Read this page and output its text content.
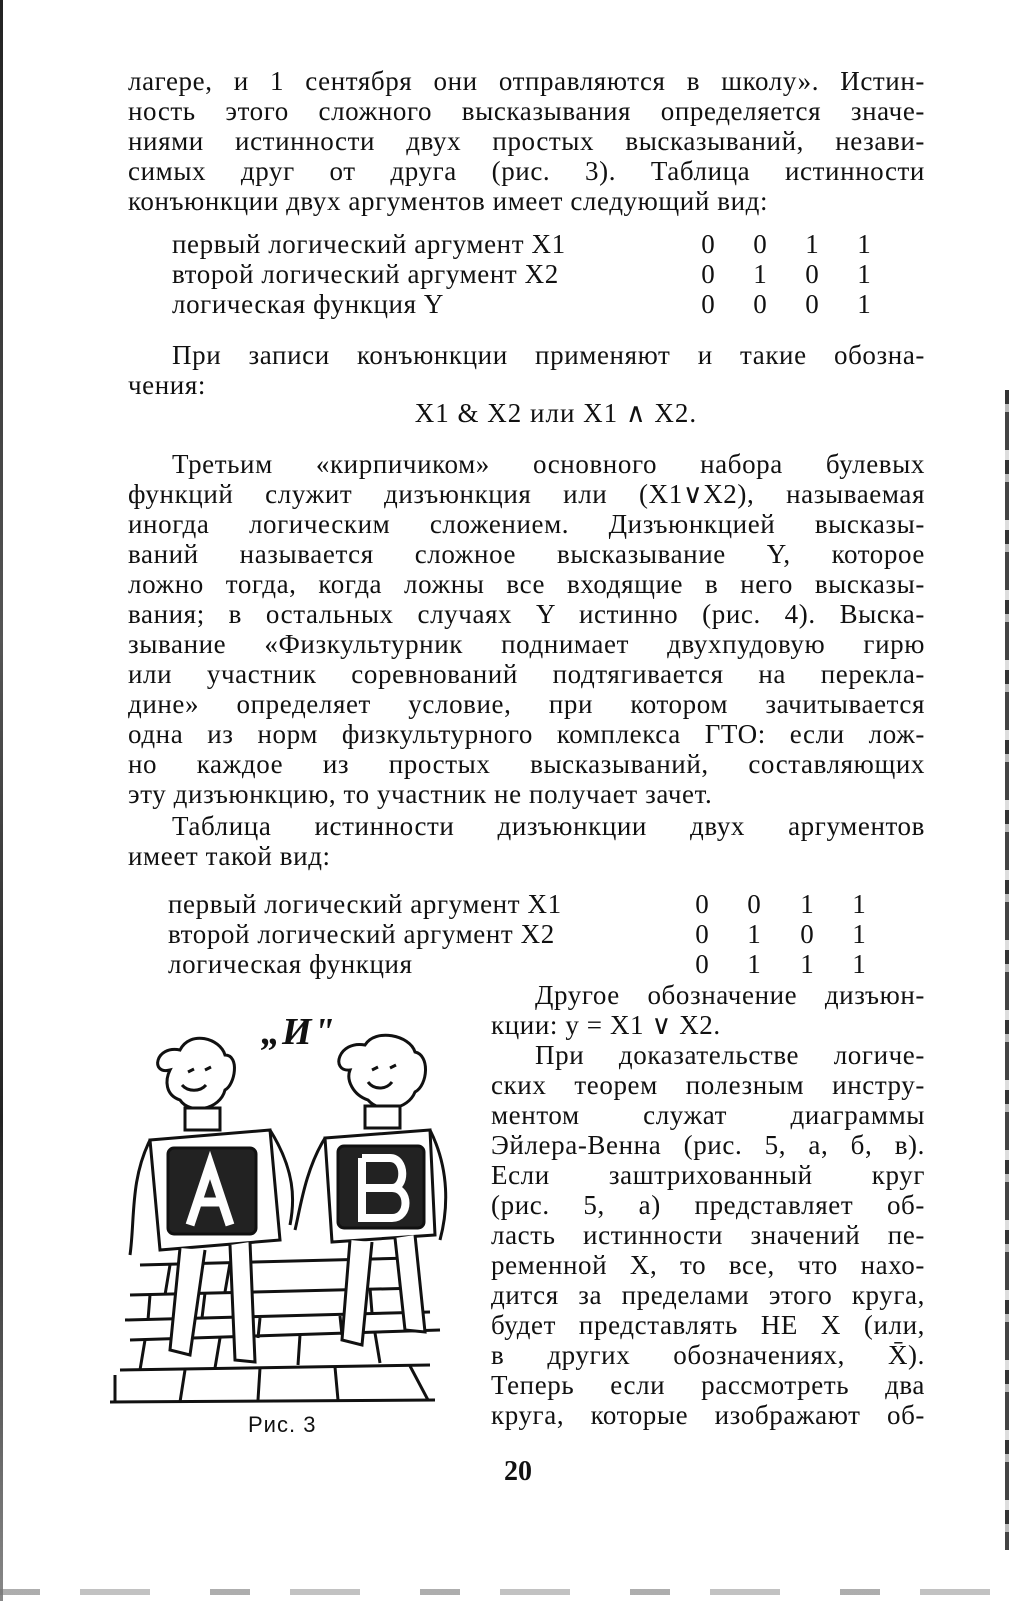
лагере, и 1 сентября они отправляются в школу». Истин-
ность этого сложного высказывания определяется значе-
ниями истинности двух простых высказываний, незави-
симых друг от друга (рис. 3). Таблица истинности
конъюнкции двух аргументов имеет следующий вид:
первый логический аргумент X1	0 0 1 1
второй логический аргумент X2	0 1 0 1
логическая функция Y	0 0 0 1
При записи конъюнкции применяют и такие обозна-
чения:
X1 & X2 или X1 ∧ X2.
Третьим «кирпичиком» основного набора булевых
функций служит дизъюнкция или (X1∨X2), называемая
иногда логическим сложением. Дизъюнкцией высказы-
ваний называется сложное высказывание Y, которое
ложно тогда, когда ложны все входящие в него высказы-
вания; в остальных случаях Y истинно (рис. 4). Выска-
зывание «Физкультурник поднимает двухпудовую гирю
или участник соревнований подтягивается на перекла-
дине» определяет условие, при котором зачитывается
одна из норм физкультурного комплекса ГТО: если лож-
но каждое из простых высказываний, составляющих
эту дизъюнкцию, то участник не получает зачет.
Таблица истинности дизъюнкции двух аргументов
имеет такой вид:
первый логический аргумент X1	0 0 1 1
второй логический аргумент X2	0 1 0 1
логическая функция	0 1 1 1
Другое обозначение дизъюн-
кции: y = X1 ∨ X2.
При доказательстве логиче-
ских теорем полезным инстру-
ментом служат диаграммы
Эйлера-Венна (рис. 5, а, б, в).
Если заштрихованный круг
(рис. 5, а) представляет об-
ласть истинности значений пе-
ременной X, то все, что нахо-
дится за пределами этого круга,
будет представлять НЕ X (или,
в других обозначениях, X̄).
Теперь если рассмотреть два
круга, которые изображают об-
„И"
Рис. 3
20
